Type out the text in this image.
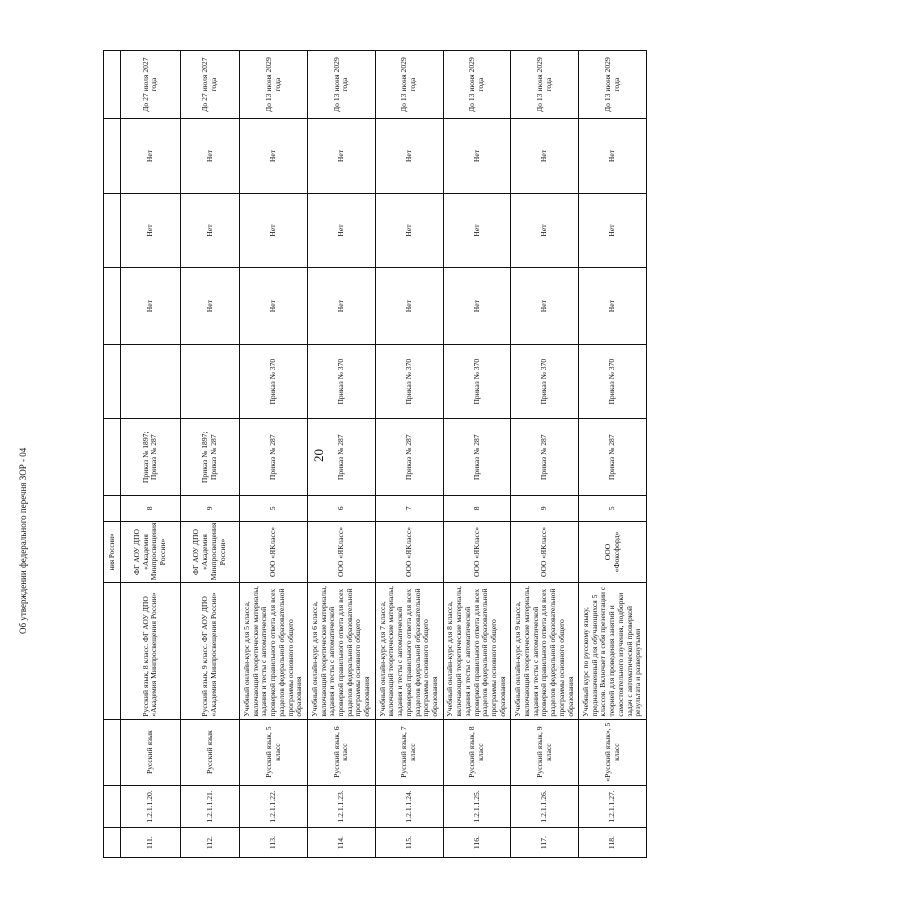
20
Об утверждении федерального перечня ЗОР - 04
					ния России»							
111.	1.2.1.1.20.	Русский язык	Русский язык, 8 класс. ФГ АОУ ДПО «Академия Минпросвещения России»	ФГ АОУ ДПО «Академия Минпросвещения России»	8	Приказ № 1897; Приказ № 287		Нет	Нет	Нет	До 27 июля 2027 года
112.	1.2.1.1.21.	Русский язык	Русский язык, 9 класс. ФГ АОУ ДПО «Академия Минпросвещения России»	ФГ АОУ ДПО «Академия Минпросвещения России»	9	Приказ № 1897; Приказ № 287		Нет	Нет	Нет	До 27 июля 2027 года
113.	1.2.1.1.22.	Русский язык, 5 класс	Учебный онлайн-курс для 5 класса, включающий теоретические материалы, задания и тесты с автоматической проверкой правильного ответа для всех разделов федеральной образовательной программы основного общего образования	ООО «ЯКласс»	5	Приказ № 287	Приказ № 370	Нет	Нет	Нет	До 13 июня 2029 года
114.	1.2.1.1.23.	Русский язык, 6 класс	Учебный онлайн-курс для 6 класса, включающий теоретические материалы, задания и тесты с автоматической проверкой правильного ответа для всех разделов федеральной образовательной программы основного общего образования	ООО «ЯКласс»	6	Приказ № 287	Приказ № 370	Нет	Нет	Нет	До 13 июня 2029 года
115.	1.2.1.1.24.	Русский язык, 7 класс	Учебный онлайн-курс для 7 класса, включающий теоретические материалы, задания и тесты с автоматической проверкой правильного ответа для всех разделов федеральной образовательной программы основного общего образования	ООО «ЯКласс»	7	Приказ № 287	Приказ № 370	Нет	Нет	Нет	До 13 июня 2029 года
116.	1.2.1.1.25.	Русский язык, 8 класс	Учебный онлайн-курс для 8 класса, включающий теоретические материалы, задания и тесты с автоматической проверкой правильного ответа для всех разделов федеральной образовательной программы основного общего образования	ООО «ЯКласс»	8	Приказ № 287	Приказ № 370	Нет	Нет	Нет	До 13 июня 2029 года
117.	1.2.1.1.26.	Русский язык, 9 класс	Учебный онлайн-курс для 9 класса, включающий теоретические материалы, задания и тесты с автоматической проверкой правильного ответа для всех разделов федеральной образовательной программы основного общего образования	ООО «ЯКласс»	9	Приказ № 287	Приказ № 370	Нет	Нет	Нет	До 13 июня 2029 года
118.	1.2.1.1.27.	«Русский язык», 5 класс	Учебный курс по русскому языку, предназначенный для обучающихся 5 классов. Включает в себя презентации с теорией для проведения занятий и самостоятельного изучения, подборки задач с автоматической проверкой результата и развернутыми	ООО «Фоксфорд»	5	Приказ № 287	Приказ № 370	Нет	Нет	Нет	До 13 июня 2029 года
